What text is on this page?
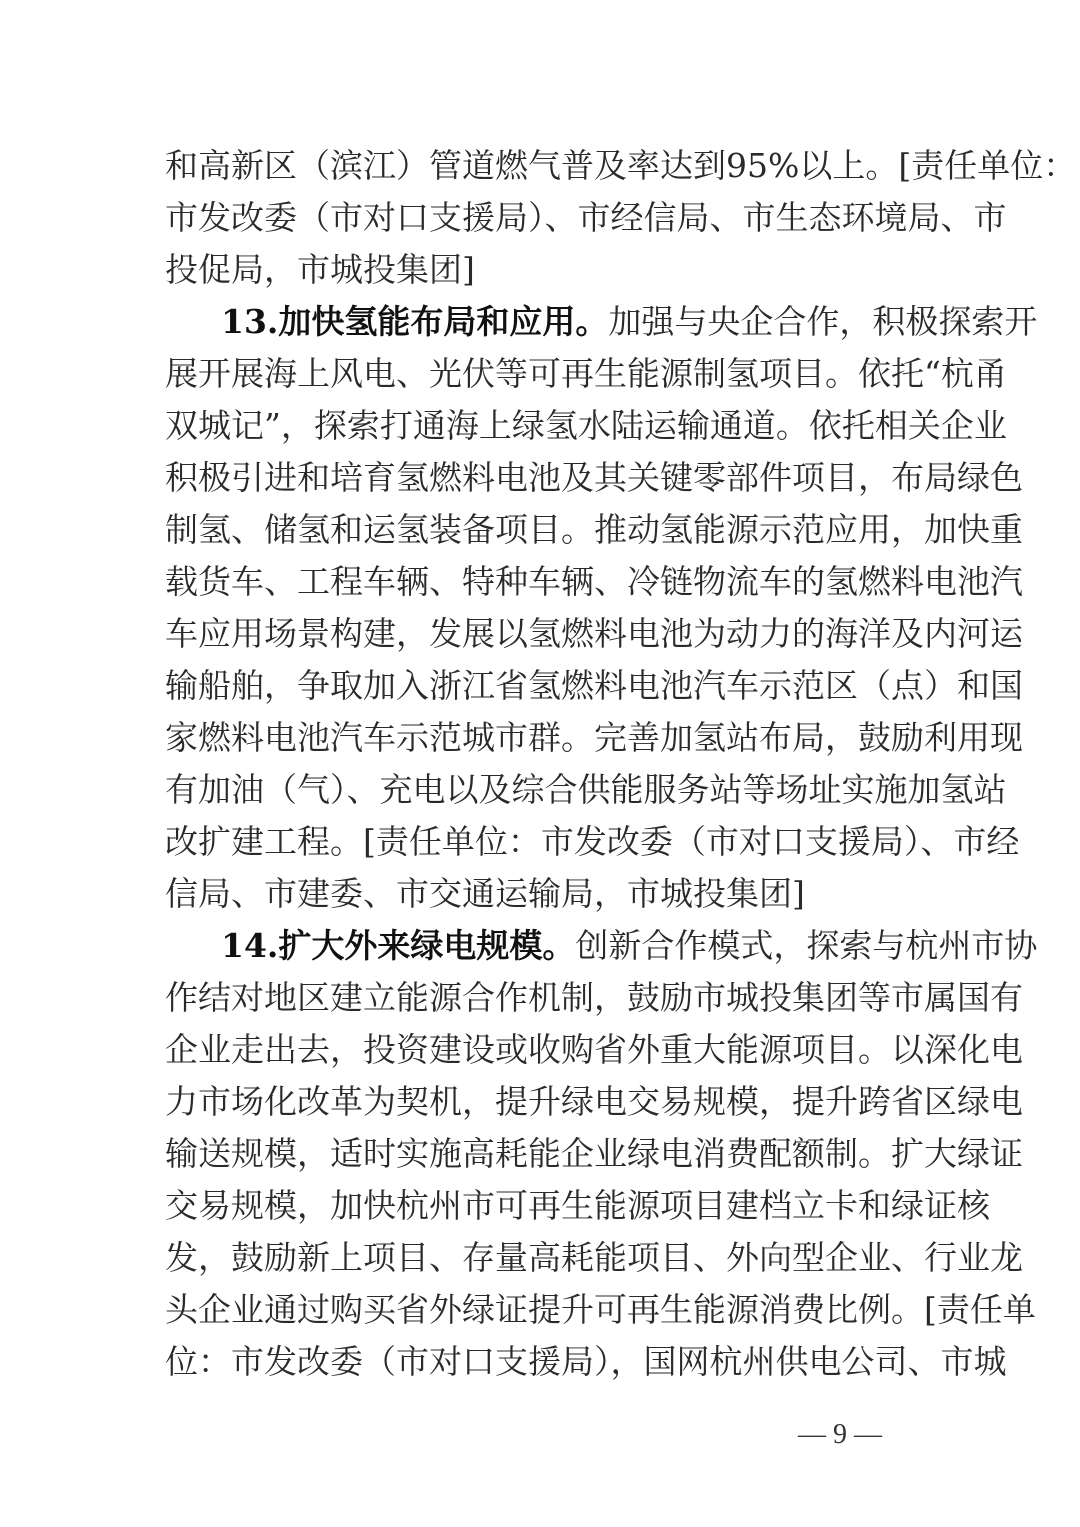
和高新区（滨江）管道燃气普及率达到95%以上。[责任单位：
市发改委（市对口支援局）、市经信局、市生态环境局、市
投促局，市城投集团]
13.加快氢能布局和应用。加强与央企合作，积极探索开
展开展海上风电、光伏等可再生能源制氢项目。依托“杭甬
双城记”，探索打通海上绿氢水陆运输通道。依托相关企业
积极引进和培育氢燃料电池及其关键零部件项目，布局绿色
制氢、储氢和运氢装备项目。推动氢能源示范应用，加快重
载货车、工程车辆、特种车辆、冷链物流车的氢燃料电池汽
车应用场景构建，发展以氢燃料电池为动力的海洋及内河运
输船舶，争取加入浙江省氢燃料电池汽车示范区（点）和国
家燃料电池汽车示范城市群。完善加氢站布局，鼓励利用现
有加油（气）、充电以及综合供能服务站等场址实施加氢站
改扩建工程。[责任单位：市发改委（市对口支援局）、市经
信局、市建委、市交通运输局，市城投集团]
14.扩大外来绿电规模。创新合作模式，探索与杭州市协
作结对地区建立能源合作机制，鼓励市城投集团等市属国有
企业走出去，投资建设或收购省外重大能源项目。以深化电
力市场化改革为契机，提升绿电交易规模，提升跨省区绿电
输送规模，适时实施高耗能企业绿电消费配额制。扩大绿证
交易规模，加快杭州市可再生能源项目建档立卡和绿证核
发，鼓励新上项目、存量高耗能项目、外向型企业、行业龙
头企业通过购买省外绿证提升可再生能源消费比例。[责任单
位：市发改委（市对口支援局），国网杭州供电公司、市城
— 9 —
